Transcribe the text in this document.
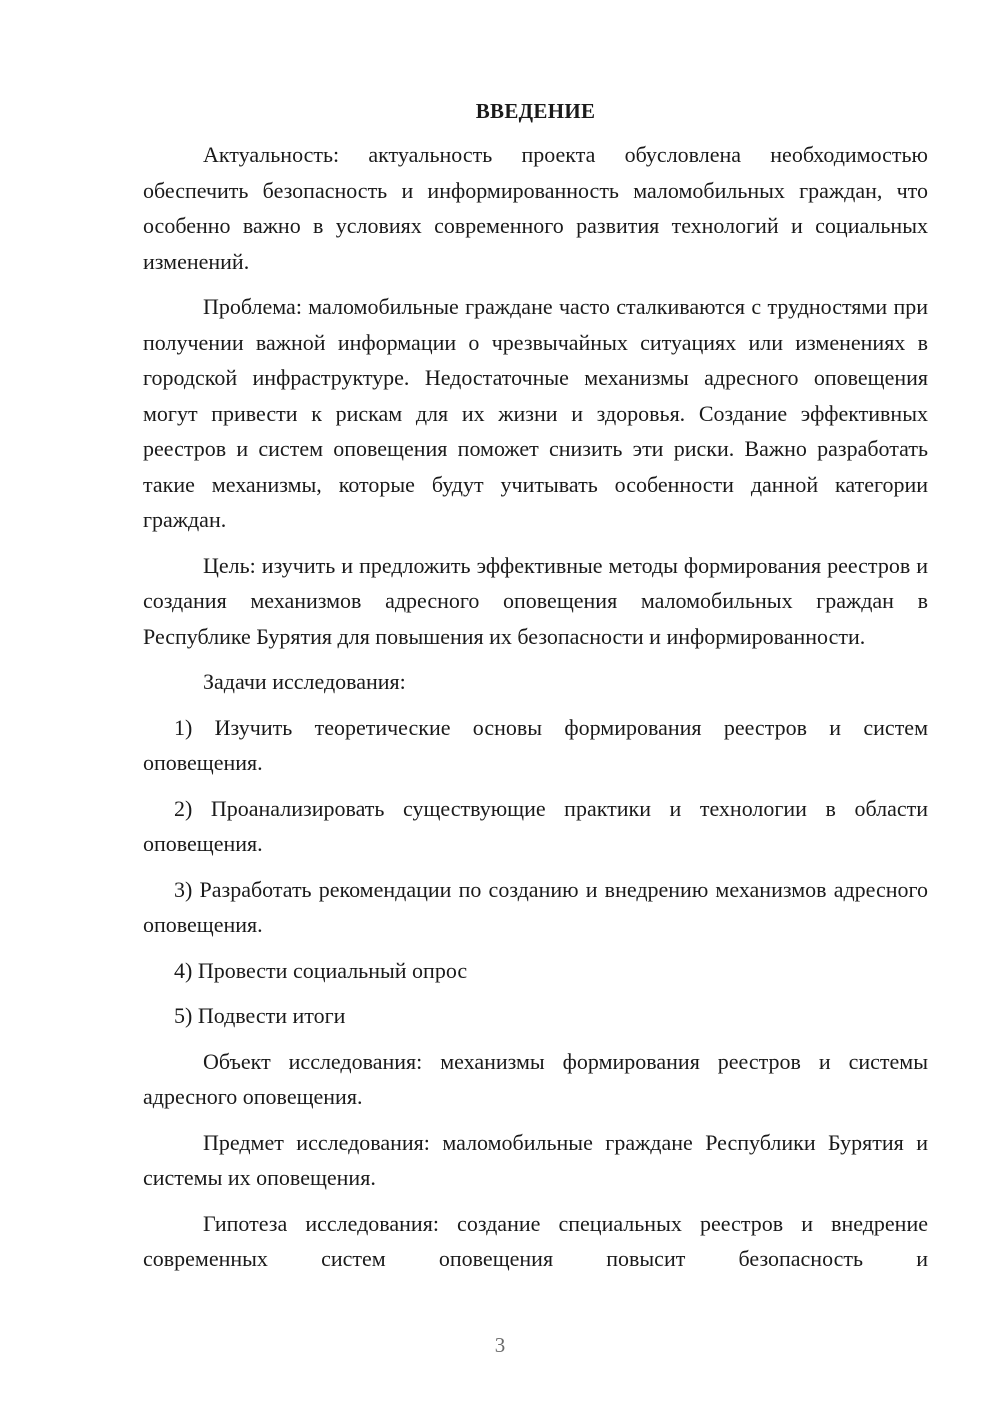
ВВЕДЕНИЕ

Актуальность: актуальность проекта обусловлена необходимостью обеспечить безопасность и информированность маломобильных граждан, что особенно важно в условиях современного развития технологий и социальных изменений.

Проблема: маломобильные граждане часто сталкиваются с трудностями при получении важной информации о чрезвычайных ситуациях или изменениях в городской инфраструктуре. Недостаточные механизмы адресного оповещения могут привести к рискам для их жизни и здоровья. Создание эффективных реестров и систем оповещения поможет снизить эти риски. Важно разработать такие механизмы, которые будут учитывать особенности данной категории граждан.

Цель: изучить и предложить эффективные методы формирования реестров и создания механизмов адресного оповещения маломобильных граждан в Республике Бурятия для повышения их безопасности и информированности.

Задачи исследования:

1) Изучить теоретические основы формирования реестров и систем оповещения.

2) Проанализировать существующие практики и технологии в области оповещения.

3) Разработать рекомендации по созданию и внедрению механизмов адресного оповещения.

4) Провести социальный опрос

5) Подвести итоги

Объект исследования: механизмы формирования реестров и системы адресного оповещения.

Предмет исследования: маломобильные граждане Республики Бурятия и системы их оповещения.

Гипотеза исследования: создание специальных реестров и внедрение современных систем оповещения повысит безопасность и

3
